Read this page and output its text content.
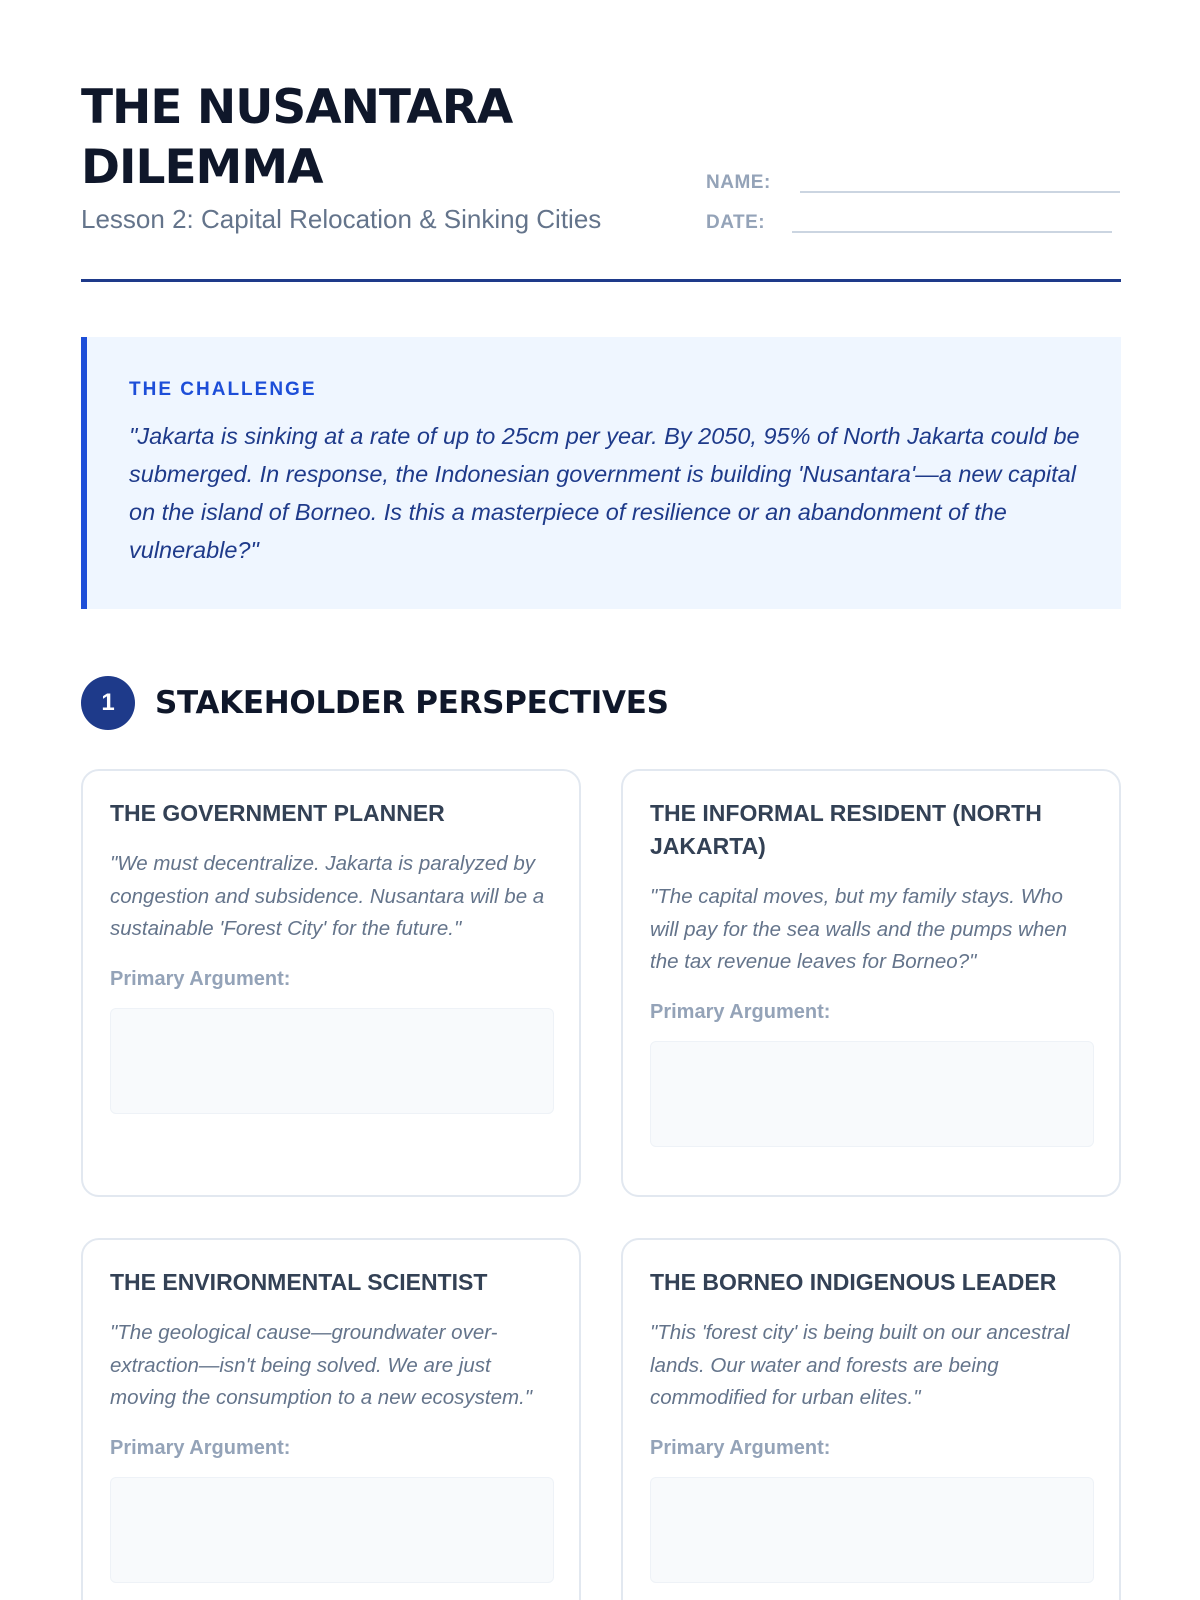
THE NUSANTARA DILEMMA
Lesson 2: Capital Relocation & Sinking Cities
NAME:
DATE:
THE CHALLENGE

"Jakarta is sinking at a rate of up to 25cm per year. By 2050, 95% of North Jakarta could be submerged. In response, the Indonesian government is building 'Nusantara'—a new capital on the island of Borneo. Is this a masterpiece of resilience or an abandonment of the vulnerable?"

1	STAKEHOLDER PERSPECTIVES
THE GOVERNMENT PLANNER

"We must decentralize. Jakarta is paralyzed by congestion and subsidence. Nusantara will be a sustainable 'Forest City' for the future."

Primary Argument:
THE INFORMAL RESIDENT (NORTH JAKARTA)

"The capital moves, but my family stays. Who will pay for the sea walls and the pumps when the tax revenue leaves for Borneo?"

Primary Argument:
THE ENVIRONMENTAL SCIENTIST

"The geological cause—groundwater over-extraction—isn't being solved. We are just moving the consumption to a new ecosystem."

Primary Argument:
THE BORNEO INDIGENOUS LEADER

"This 'forest city' is being built on our ancestral lands. Our water and forests are being commodified for urban elites."

Primary Argument:
